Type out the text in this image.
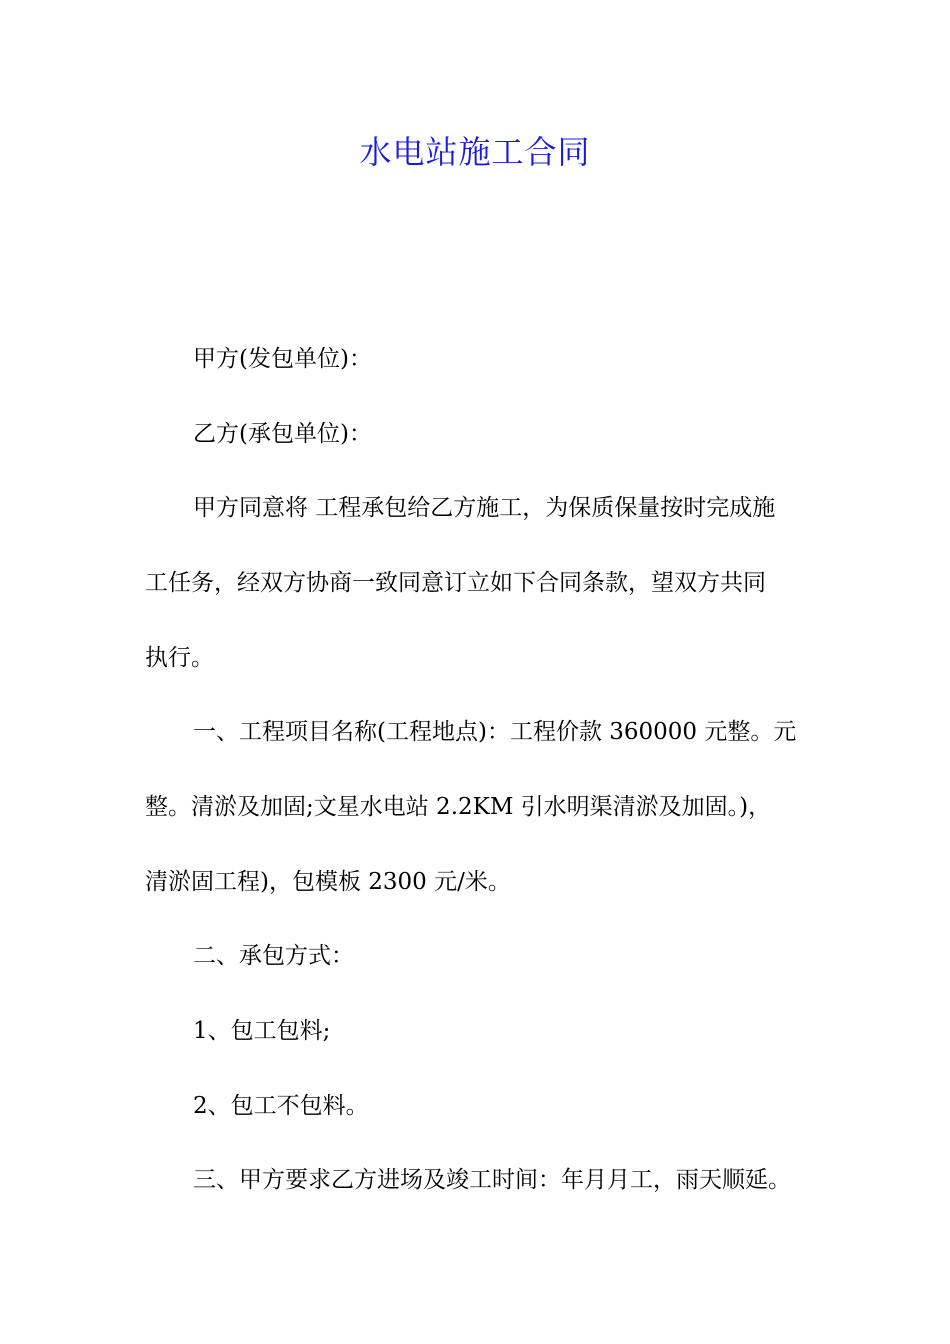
水电站施工合同
甲方(发包单位)：
乙方(承包单位)：
甲方同意将 工程承包给乙方施工，为保质保量按时完成施
工任务，经双方协商一致同意订立如下合同条款，望双方共同
执行。
一、工程项目名称(工程地点)：工程价款 360000 元整。元
整。清淤及加固;文星水电站 2.2KM 引水明渠清淤及加固。)，
清淤固工程)，包模板 2300 元/米。
二、承包方式：
1、包工包料;
2、包工不包料。
三、甲方要求乙方进场及竣工时间：年月月工，雨天顺延。
